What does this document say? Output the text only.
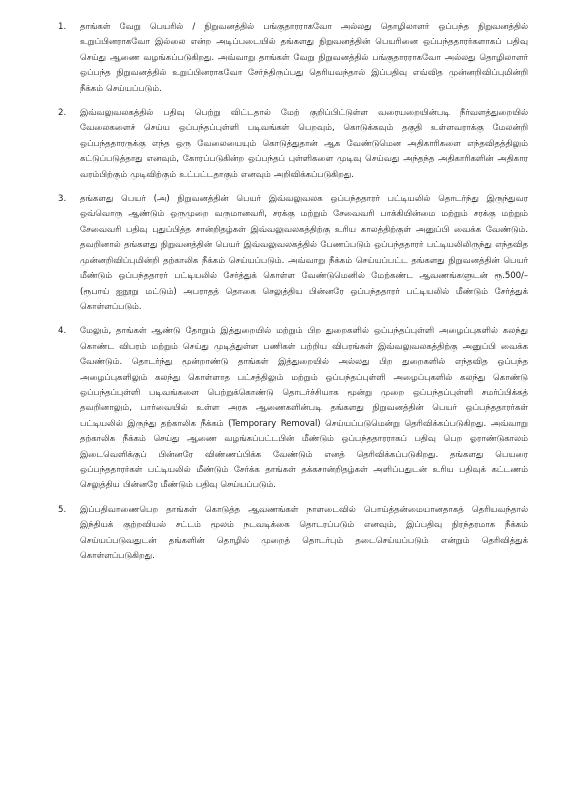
1.	தாங்கள் வேறு பெயரில் / நிறுவனத்தில் பங்குதாரராகவோ அல்லது தொழிலாளர் ஒப்பந்த நிறுவனத்தில் உறுப்பினராகவோ இல்லை என்ற அடிப்படையில் தங்களது நிறுவனத்தின் பெயரினை ஒப்பந்ததாரர்களாகப் பதிவு செய்து ஆணை வழங்கப்படுகிறது. அவ்வாறு தாங்கள் வேறு நிறுவனத்தில் பங்குதாரராகவோ அல்லது தொழிலாளர் ஒப்பந்த நிறுவனத்தில் உறுப்பினராகவோ சேர்ந்திருப்பது தெரியவந்தால் இப்பதிவு எவ்வித முன்னறிவிப்புமின்றி நீக்கம் செய்யப்படும்.
2.	இவ்வலுவலகத்தில் பதிவு பெற்று விட்டதால் மேற் குறிப்பிட்டுள்ள வரையறையின்படி நீர்வளத்துறையில் வேலைகளைச் செய்ய ஒப்பந்தப்புள்ளி படிவங்கள் பெறவும், கொடுக்கவும் தகுதி உள்ளவராக்கு மேலன்றி ஒப்பந்ததாரருக்கு எந்த ஒரு வேலையையும் கொடுத்துதான் ஆக வேண்டுமென அதிகாரிகளை எந்தவிதத்திலும் கட்டுப்படுத்தாது எனவும், கோரப்படுகின்ற ஒப்பந்தப் புள்ளிகளை முடிவு செய்வது அந்தந்த அதிகாரிகளின் அதிகார வரம்பிற்கும் முடிவிற்கும் உட்பட்டதாகும் எனவும் அறிவிக்கப்படுகிறது.
3.	தங்களது பெயர் (அ) நிறுவனத்தின் பெயர் இவ்வலுவலக ஒப்பந்ததாரர் பட்டியலில் தொடர்ந்து இருந்துவர ஒவ்வொரு ஆண்டும் ஒருமுறை வருமானவரி, சரக்கு மற்றும் சேவைவரி பாக்கியின்மை மற்றும் சரக்கு மற்றும் சேவைவரி பதிவு புதுப்பித்த சான்றிதழ்கள் இவ்வலுவலகத்திற்கு உரிய காலத்திற்குள் அனுப்பி வைக்க வேண்டும். தவறினால் தங்களது நிறுவனத்தின் பெயர் இவ்வலுவலகத்தில் பேணப்படும் ஒப்பந்ததாரர் பட்டியலிலிருந்து எந்தவித முன்னறிவிப்புமின்றி தற்காலிக நீக்கம் செய்யப்படும். அவ்வாறு நீக்கம் செய்யப்பட்ட தங்களது நிறுவனத்தின் பெயர் மீண்டும் ஒப்பந்ததாரர் பட்டியலில் சேர்த்துக் கொள்ள வேண்டுமெனில் மேற்கண்ட ஆவணங்களுடன் ரூ.500/– (ரூபாய் ஐநூறு மட்டும்) அபராதத் தொகை செலுத்திய பின்னரே ஒப்பந்ததாரர் பட்டியலில் மீண்டும் சேர்த்துக் கொள்ளப்படும்.
4.	மேலும், தாங்கள் ஆண்டு தோறும் இத்துறையில் மற்றும் பிற துறைகளில் ஒப்பந்தப்புள்ளி அழைப்புகளில் கலந்து கொண்ட விபரம் மற்றும் செய்து முடித்துள்ள பணிகள் பற்றிய விபரங்கள் இவ்வலுவலகத்திற்கு அனுப்பி வைக்க வேண்டும். தொடர்ந்து மூன்றாண்டு தாங்கள் இத்துறையில் அல்லது பிற துறைகளில் எந்தவித ஒப்பந்த அழைப்புகளிலும் கலந்து கொள்ளாத பட்சத்திலும் மற்றும் ஒப்பந்தப்புள்ளி அழைப்புகளில் கலந்து கொண்டு ஒப்பந்தப்புள்ளி படிவங்களை பெற்றுக்கொண்டு தொடர்ச்சியாக மூன்று முறை ஒப்பந்தப்புள்ளி சமர்ப்பிக்கத் தவறினாலும், பார்வையில் உள்ள அரசு ஆணைகளின்படி தங்களது நிறுவனத்தின் பெயர் ஒப்பந்ததாரர்கள் பட்டியலில் இருந்து தற்காலிக நீக்கம் (Temporary Removal) செய்யப்படுமென்று தெரிவிக்கப்படுகிறது. அவ்வாறு தற்காலிக நீக்கம் செய்து ஆணை வழங்கப்பட்டபின் மீண்டும் ஒப்பந்ததாரராகப் பதிவு பெற ஓராண்டுகாலம் இடைவெளிக்குப் பின்னரே விண்ணப்பிக்க வேண்டும் எனத் தெரிவிக்கப்படுகிறது. தங்களது பெயரை ஒப்பந்ததாரர்கள் பட்டியலில் மீண்டும் சேர்க்க தாங்கள் தக்கசான்றிதழ்கள் அளிப்பதுடன் உரிய பதிவுக் கட்டணம் செலுத்திய பின்னரே மீண்டும் பதிவு செய்யப்படும்.
5.	இப்பதிவாணைபெற தாங்கள் கொடுத்த ஆவணங்கள் நாளடைவில் பொய்த்தன்மையானதாகத் தெரியவந்தால் இந்தியக் குற்றவியல் சட்டம் மூலம் நடவடிக்கை தொடரப்படும் எனவும், இப்பதிவு நிரந்தரமாக நீக்கம் செய்யப்படுவதுடன் தங்களின் தொழில் முறைத் தொடர்பும் தடைசெய்யப்படும் என்றும் தெரிவித்துக் கொள்ளப்படுகிறது.
